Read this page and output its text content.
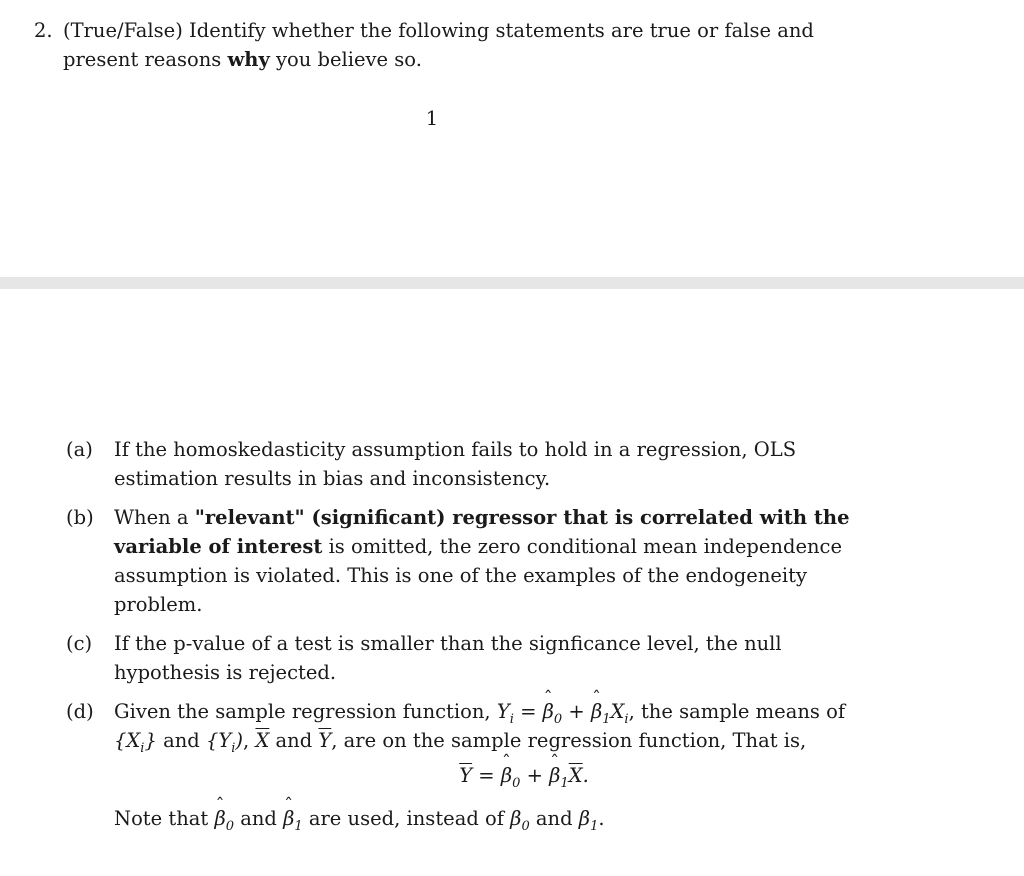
2. (True/False) Identify whether the following statements are true or false and
present reasons why you believe so.
1
(a) If the homoskedasticity assumption fails to hold in a regression, OLS estimation results in bias and inconsistency.
(b) When a "relevant" (significant) regressor that is correlated with the variable of interest is omitted, the zero conditional mean independence assumption is violated. This is one of the examples of the endogeneity problem.
(c) If the p-value of a test is smaller than the signficance level, the null hypothesis is rejected.
(d) Given the sample regression function, $Y_i$ = ˆ $\beta_0$ + ˆ $\beta_1X_i$, the sample means of $\{X_i\}$ and $\{Y_i)$, $\overline{X}$ and $\overline{Y}$, are on the sample regression function, That is,
$\overline{Y}$ = ˆ $\beta_0$ + ˆ $\beta_1\overline{X}$.
Note that ˆ $\beta_0$ and ˆ $\beta_1$ are used, instead of $\beta_0$ and $\beta_1$.
